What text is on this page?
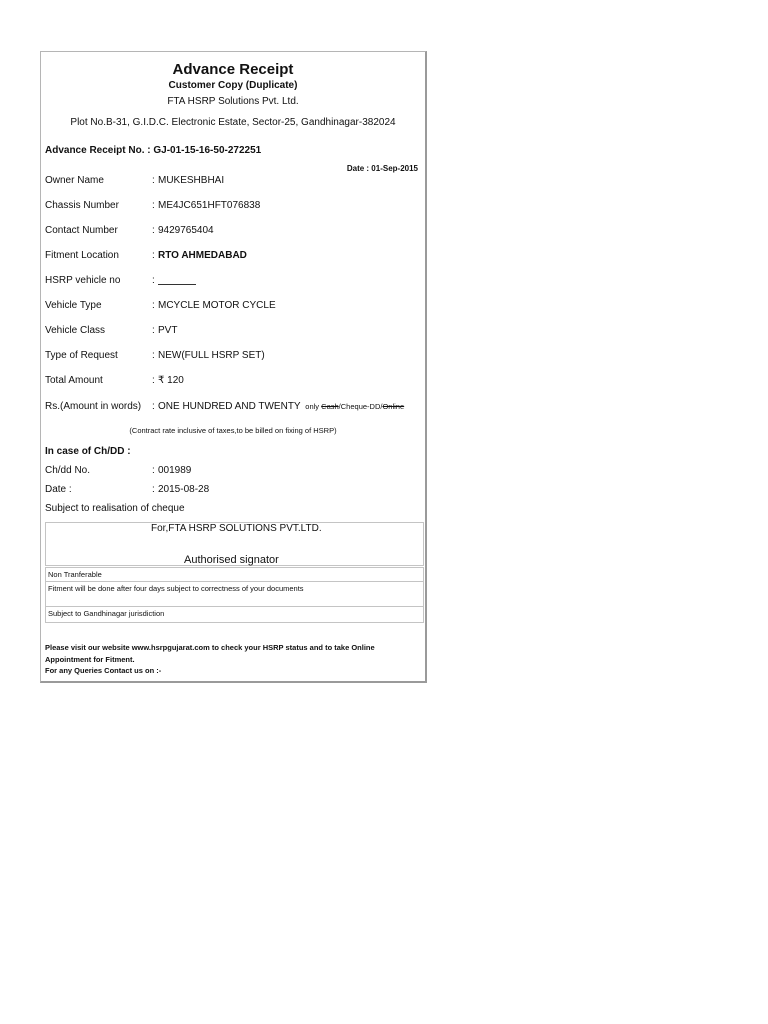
Advance Receipt
Customer Copy (Duplicate)
FTA HSRP Solutions Pvt. Ltd.
Plot No.B-31, G.I.D.C. Electronic Estate, Sector-25, Gandhinagar-382024
Advance Receipt No. : GJ-01-15-16-50-272251
Date : 01-Sep-2015
Owner Name	: MUKESHBHAI
Chassis Number	: ME4JC651HFT076838
Contact Number	: 9429765404
Fitment Location	: RTO AHMEDABAD
HSRP vehicle no	:
Vehicle Type	: MCYCLE MOTOR CYCLE
Vehicle Class	: PVT
Type of Request	: NEW(FULL HSRP SET)
Total Amount	: ₹ 120
Rs.(Amount in words) : ONE HUNDRED AND TWENTY only Cash/Cheque-DD/Online
(Contract rate inclusive of taxes,to be billed on fixing of HSRP)
In case of Ch/DD :
Ch/dd No.	: 001989
Date :	: 2015-08-28
Subject to realisation of cheque
For,FTA HSRP SOLUTIONS PVT.LTD.
Authorised signator
Non Tranferable
Fitment will be done after four days subject to correctness of your documents
Subject to Gandhinagar jurisdiction
Please visit our website www.hsrpgujarat.com to check your HSRP status and to take Online Appointment for Fitment.
For any Queries Contact us on :-
